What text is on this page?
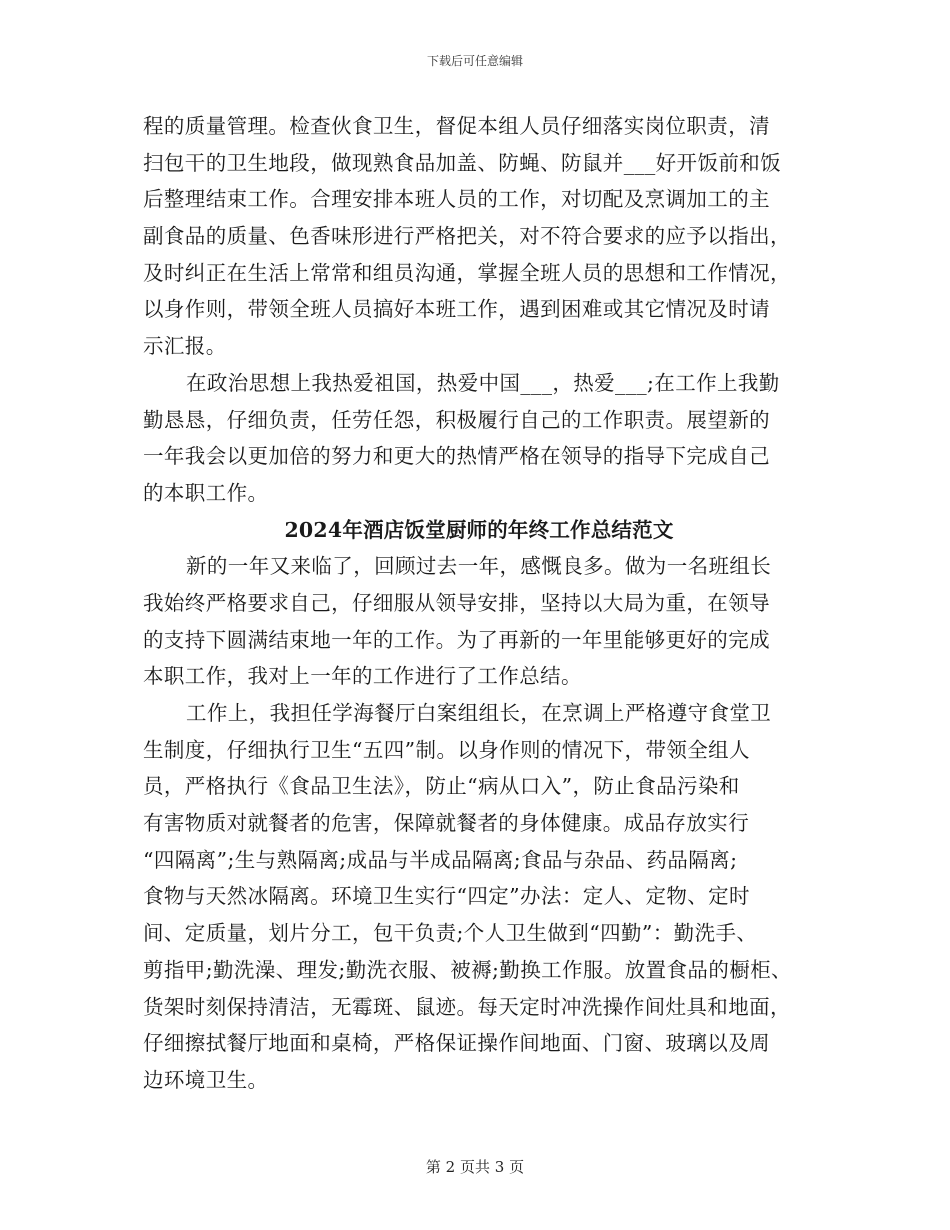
下载后可任意编辑
程的质量管理。检查伙食卫生，督促本组人员仔细落实岗位职责，清
扫包干的卫生地段，做现熟食品加盖、防蝇、防鼠并___好开饭前和饭
后整理结束工作。合理安排本班人员的工作，对切配及烹调加工的主
副食品的质量、色香味形进行严格把关，对不符合要求的应予以指出，
及时纠正在生活上常常和组员沟通，掌握全班人员的思想和工作情况，
以身作则，带领全班人员搞好本班工作，遇到困难或其它情况及时请
示汇报。
在政治思想上我热爱祖国，热爱中国___，热爱___;在工作上我勤
勤恳恳，仔细负责，任劳任怨，积极履行自己的工作职责。展望新的
一年我会以更加倍的努力和更大的热情严格在领导的指导下完成自己
的本职工作。
2024年酒店饭堂厨师的年终工作总结范文
新的一年又来临了，回顾过去一年，感慨良多。做为一名班组长
我始终严格要求自己，仔细服从领导安排，坚持以大局为重，在领导
的支持下圆满结束地一年的工作。为了再新的一年里能够更好的完成
本职工作，我对上一年的工作进行了工作总结。
工作上，我担任学海餐厅白案组组长，在烹调上严格遵守食堂卫
生制度，仔细执行卫生“五四”制。以身作则的情况下，带领全组人
员，严格执行《食品卫生法》，防止“病从口入”，防止食品污染和
有害物质对就餐者的危害，保障就餐者的身体健康。成品存放实行
“四隔离”;生与熟隔离;成品与半成品隔离;食品与杂品、药品隔离;
食物与天然冰隔离。环境卫生实行“四定”办法：定人、定物、定时
间、定质量，划片分工，包干负责;个人卫生做到“四勤”：勤洗手、
剪指甲;勤洗澡、理发;勤洗衣服、被褥;勤换工作服。放置食品的橱柜、
货架时刻保持清洁，无霉斑、鼠迹。每天定时冲洗操作间灶具和地面，
仔细擦拭餐厅地面和桌椅，严格保证操作间地面、门窗、玻璃以及周
边环境卫生。
第 2 页共 3 页
